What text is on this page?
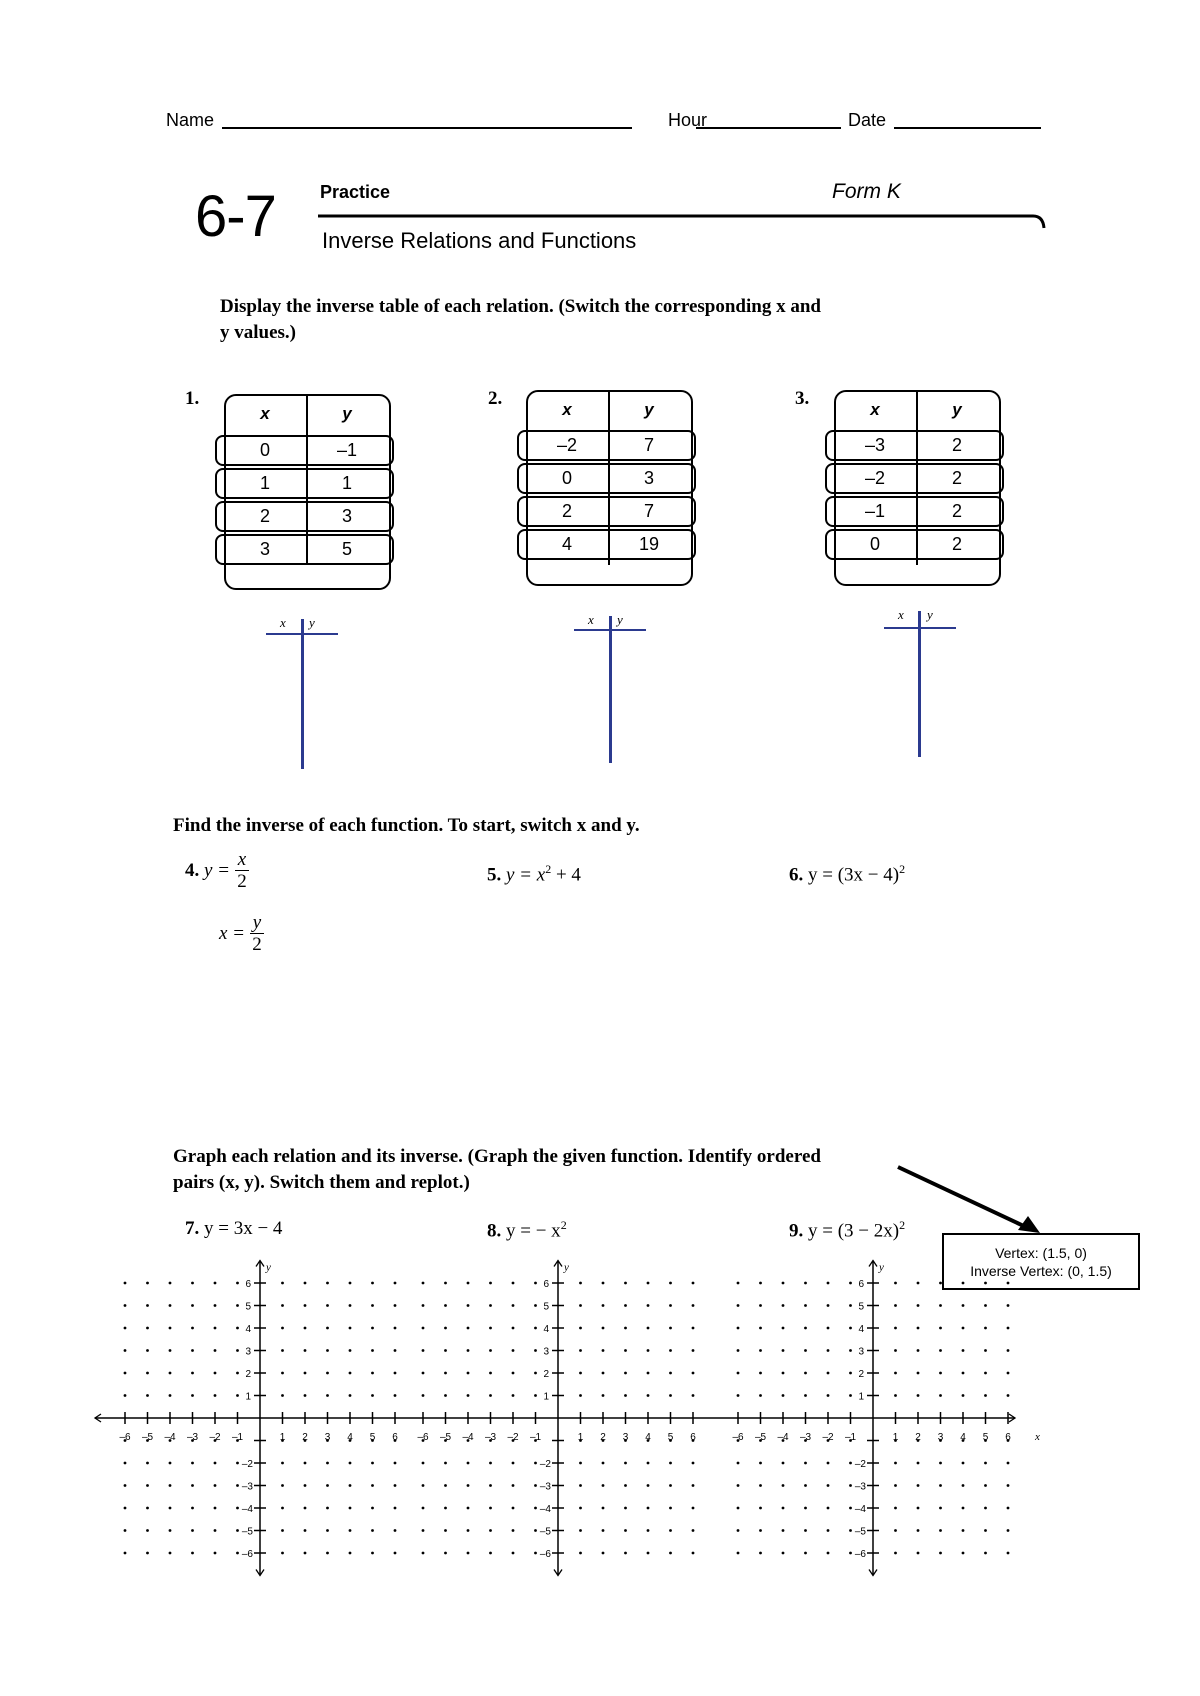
Name	Hour	Date
6-7 Practice	Form K
Inverse Relations and Functions
Display the inverse table of each relation. (Switch the corresponding x and
y values.)
1.
x	y
0	–1
1	1
2	3
3	5
2.
x	y
–2	7
0	3
2	7
4	19
3.
x	y
–3	2
–2	2
–1	2
0	2
x y	x y	x y
Find the inverse of each function. To start, switch x and y.
4. $y = \frac{x}{2}$
$x = \frac{y}{2}$
5. $y = x^2 + 4$	6. $y = (3x - 4)^2$
Graph each relation and its inverse. (Graph the given function. Identify ordered
pairs (x, y). Switch them and replot.)
7. y = 3x − 4	8. y = − $x^2$	9. $y = (3 - 2x)^2$
Vertex: (1.5, 0)
Inverse Vertex: (0, 1.5)
y
6
5
4
3
2
1
–2
–3
–4
–5
–6
–6 –5 –4 –3 –2 –1	1 2 3 4 5 6
y
6
5
4
3
2
1
–2
–3
–4
–5
–6
–6 –5 –4 –3 –2 –1	1 2 3 4 5 6
y
6
5
4
3
2
1
–2
–3
–4
–5
–6
–6 –5 –4 –3 –2 –1	1 2 3 4 5 6 x
